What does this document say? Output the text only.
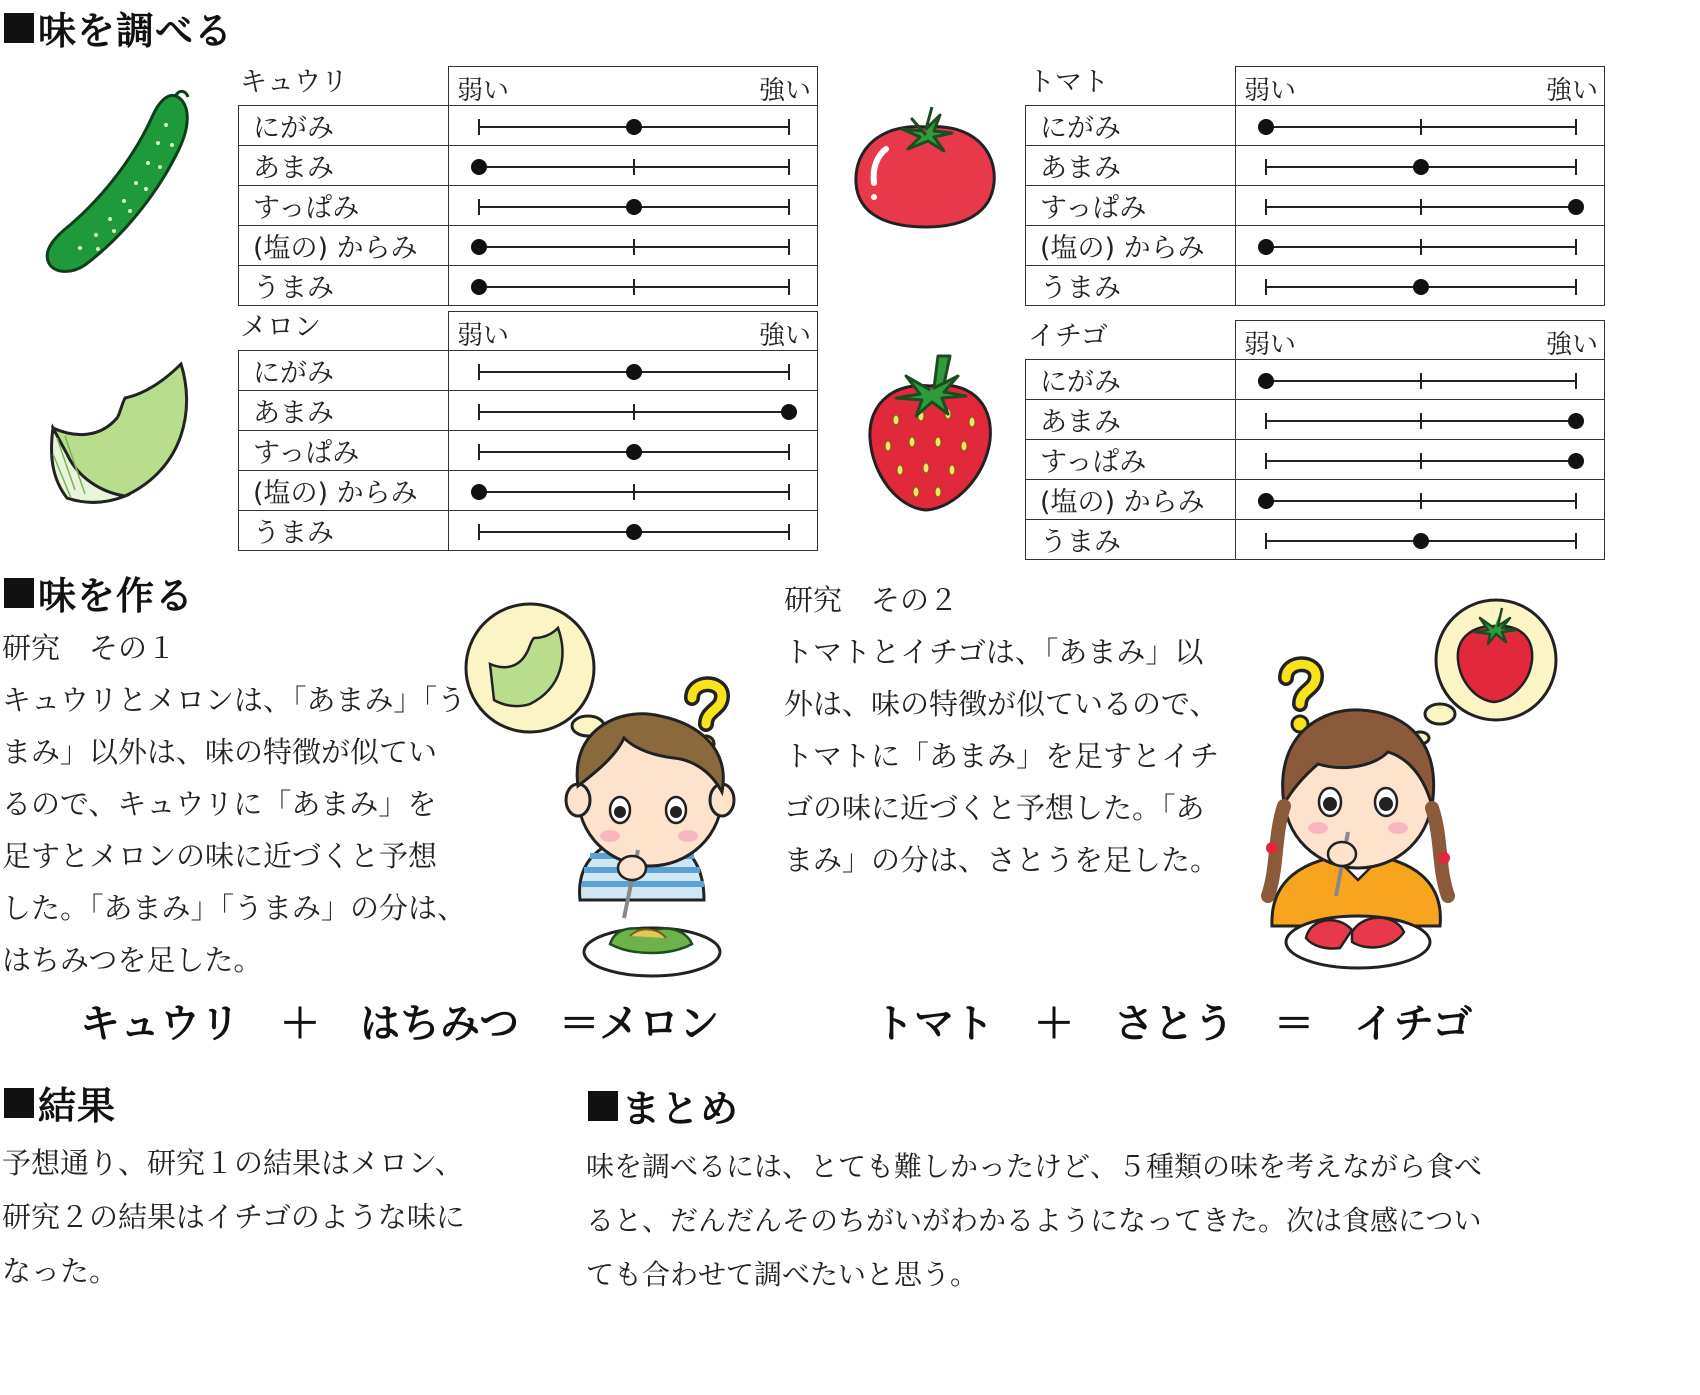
味を調べる
キュウリ

	弱い 強い

にがみ	

あまみ	

すっぱみ	

(塩の) からみ	

うまみ	
トマト

	弱い 強い

にがみ	

あまみ	

すっぱみ	

(塩の) からみ	

うまみ	
メロン

	弱い 強い

にがみ	

あまみ	

すっぱみ	

(塩の) からみ	

うまみ	
イチゴ

	弱い 強い

にがみ	

あまみ	

すっぱみ	

(塩の) からみ	

うまみ	
味を作る
研究　その１
キュウリとメロンは、「あまみ」「う
まみ」以外は、味の特徴が似てい
るので、キュウリに「あまみ」を
足すとメロンの味に近づくと予想
した。「あまみ」「うまみ」の分は、
はちみつを足した。
キュウリ　＋　はちみつ　＝メロン
研究　その２
トマトとイチゴは、「あまみ」以
外は、味の特徴が似ているので、
トマトに「あまみ」を足すとイチ
ゴの味に近づくと予想した。「あ
まみ」の分は、さとうを足した。
トマト　＋　さとう　＝　イチゴ
結果
予想通り、研究１の結果はメロン、
研究２の結果はイチゴのような味に
なった。
まとめ
味を調べるには、とても難しかったけど、５種類の味を考えながら食べ
ると、だんだんそのちがいがわかるようになってきた。次は食感につい
ても合わせて調べたいと思う。
